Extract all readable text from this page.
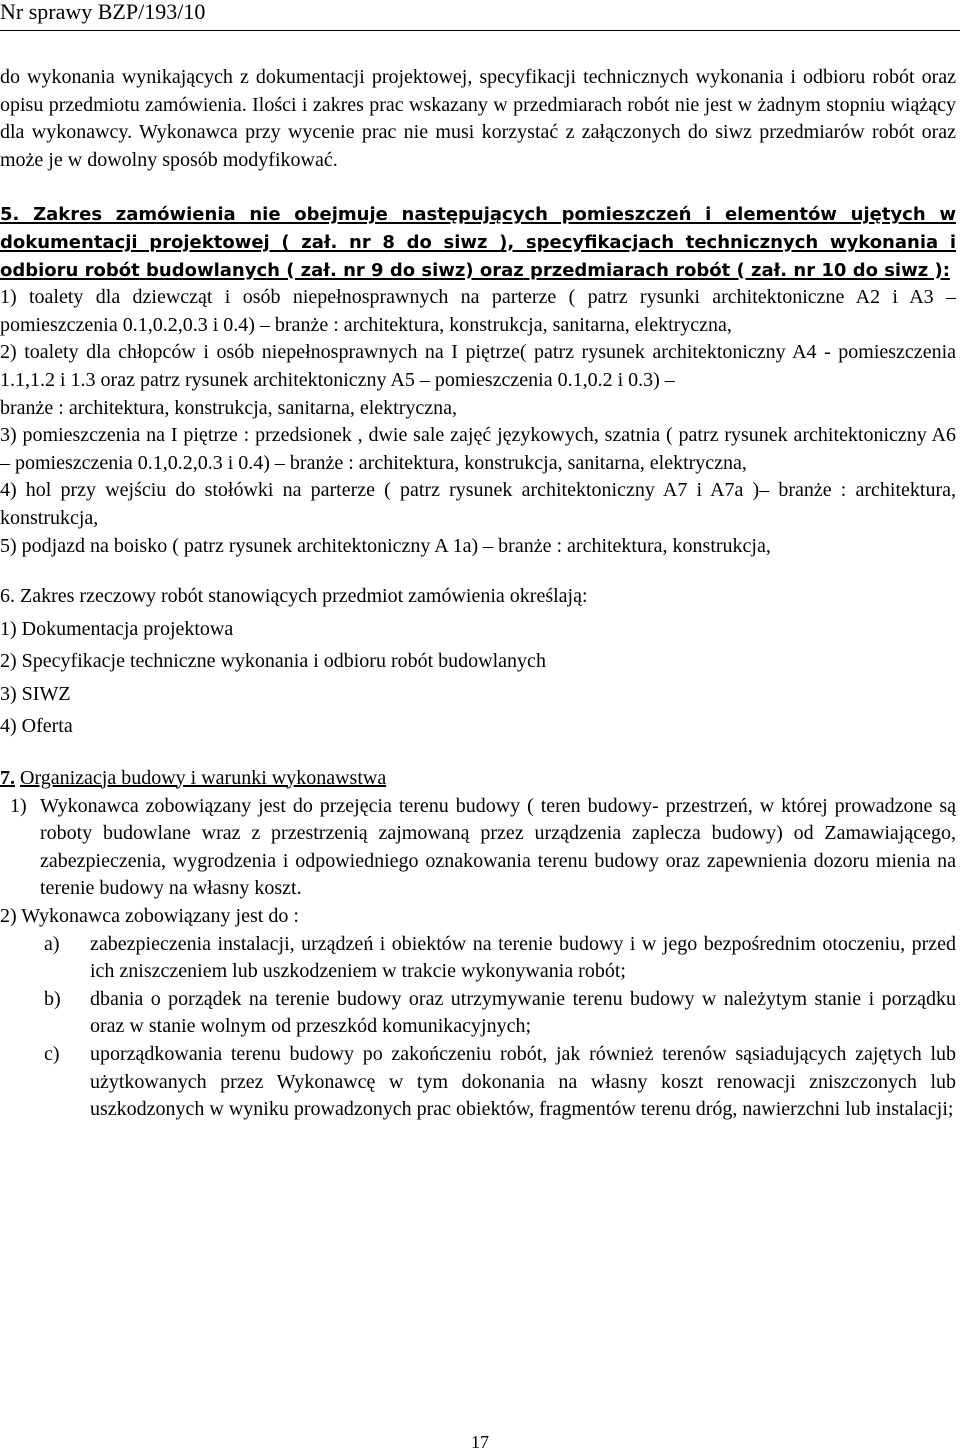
Nr sprawy BZP/193/10

do wykonania wynikających z dokumentacji projektowej, specyfikacji technicznych wykonania i odbioru robót oraz opisu przedmiotu zamówienia. Ilości i zakres prac wskazany w przedmiarach robót nie jest w żadnym stopniu wiążący dla wykonawcy. Wykonawca przy wycenie prac nie musi korzystać z załączonych do siwz przedmiarów robót oraz może je w dowolny sposób modyfikować.

5. Zakres zamówienia nie obejmuje następujących pomieszczeń i elementów ujętych w dokumentacji projektowej ( zał. nr 8 do siwz ), specyfikacjach technicznych wykonania i odbioru robót budowlanych ( zał. nr 9 do siwz) oraz przedmiarach robót ( zał. nr 10 do siwz ):

1) toalety dla dziewcząt i osób niepełnosprawnych na parterze ( patrz rysunki architektoniczne A2 i A3 – pomieszczenia 0.1,0.2,0.3 i 0.4) – branże : architektura, konstrukcja, sanitarna, elektryczna,

2) toalety dla chłopców i osób niepełnosprawnych na I piętrze( patrz rysunek architektoniczny A4 - pomieszczenia 1.1,1.2 i 1.3 oraz patrz rysunek architektoniczny A5 – pomieszczenia 0.1,0.2 i 0.3) –

branże : architektura, konstrukcja, sanitarna, elektryczna,

3) pomieszczenia na I piętrze : przedsionek , dwie sale zajęć językowych, szatnia ( patrz rysunek architektoniczny A6 – pomieszczenia 0.1,0.2,0.3 i 0.4) – branże : architektura, konstrukcja, sanitarna, elektryczna,

4) hol przy wejściu do stołówki na parterze ( patrz rysunek architektoniczny A7 i A7a )– branże : architektura, konstrukcja,

5) podjazd na boisko ( patrz rysunek architektoniczny A 1a) – branże : architektura, konstrukcja,

6. Zakres rzeczowy robót stanowiących przedmiot zamówienia określają:

1) Dokumentacja projektowa

2) Specyfikacje techniczne wykonania i odbioru robót budowlanych

3) SIWZ

4) Oferta

7. Organizacja budowy i warunki wykonawstwa

1) Wykonawca zobowiązany jest do przejęcia terenu budowy ( teren budowy- przestrzeń, w której prowadzone są roboty budowlane wraz z przestrzenią zajmowaną przez urządzenia zaplecza budowy) od Zamawiającego, zabezpieczenia, wygrodzenia i odpowiedniego oznakowania terenu budowy oraz zapewnienia dozoru mienia na terenie budowy na własny koszt.

2) Wykonawca zobowiązany jest do :

a)	zabezpieczenia instalacji, urządzeń i obiektów na terenie budowy i w jego bezpośrednim otoczeniu, przed ich zniszczeniem lub uszkodzeniem w trakcie wykonywania robót;
b)	dbania o porządek na terenie budowy oraz utrzymywanie terenu budowy w należytym stanie i porządku oraz w stanie wolnym od przeszkód komunikacyjnych;
c)	uporządkowania terenu budowy po zakończeniu robót, jak również terenów sąsiadujących zajętych lub użytkowanych przez Wykonawcę w tym dokonania na własny koszt renowacji zniszczonych lub uszkodzonych w wyniku prowadzonych prac obiektów, fragmentów terenu dróg, nawierzchni lub instalacji;
17
